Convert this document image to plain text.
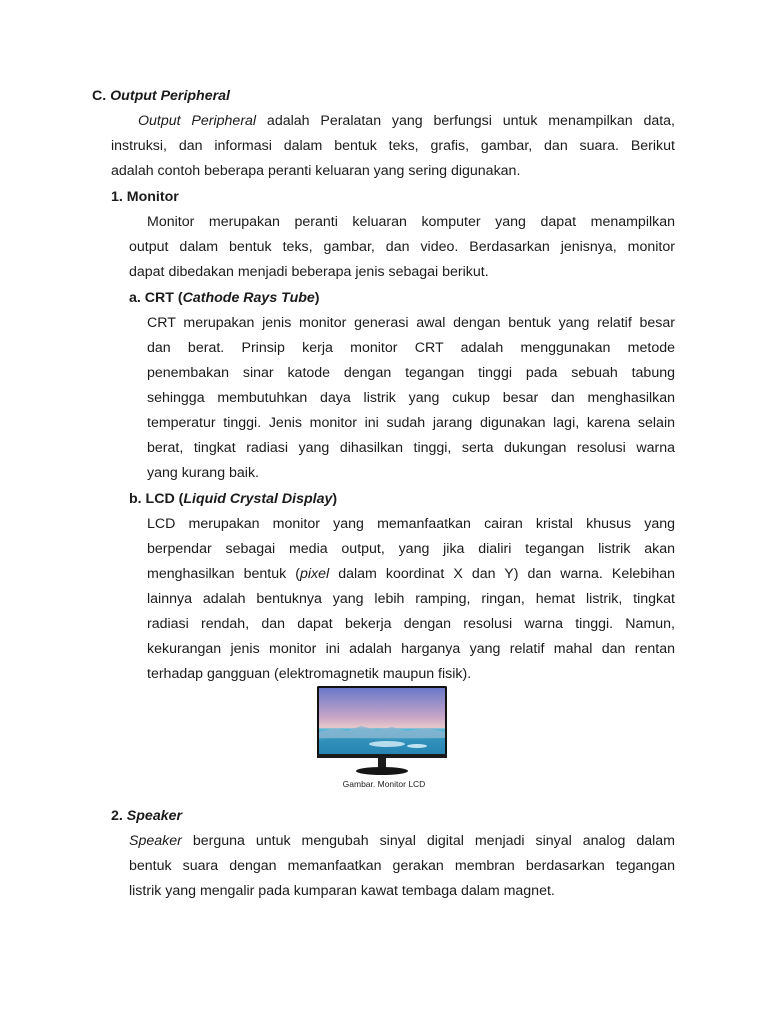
C. Output Peripheral
Output Peripheral adalah Peralatan yang berfungsi untuk menampilkan data,
instruksi, dan informasi dalam bentuk teks, grafis, gambar, dan suara. Berikut
adalah contoh beberapa peranti keluaran yang sering digunakan.
1. Monitor
Monitor merupakan peranti keluaran komputer yang dapat menampilkan
output dalam bentuk teks, gambar, dan video. Berdasarkan jenisnya, monitor
dapat dibedakan menjadi beberapa jenis sebagai berikut.
a. CRT (Cathode Rays Tube)
CRT merupakan jenis monitor generasi awal dengan bentuk yang relatif besar
dan berat. Prinsip kerja monitor CRT adalah menggunakan metode
penembakan sinar katode dengan tegangan tinggi pada sebuah tabung
sehingga membutuhkan daya listrik yang cukup besar dan menghasilkan
temperatur tinggi. Jenis monitor ini sudah jarang digunakan lagi, karena selain
berat, tingkat radiasi yang dihasilkan tinggi, serta dukungan resolusi warna
yang kurang baik.
b. LCD (Liquid Crystal Display)
LCD merupakan monitor yang memanfaatkan cairan kristal khusus yang
berpendar sebagai media output, yang jika dialiri tegangan listrik akan
menghasilkan bentuk (pixel dalam koordinat X dan Y) dan warna. Kelebihan
lainnya adalah bentuknya yang lebih ramping, ringan, hemat listrik, tingkat
radiasi rendah, dan dapat bekerja dengan resolusi warna tinggi. Namun,
kekurangan jenis monitor ini adalah harganya yang relatif mahal dan rentan
terhadap gangguan (elektromagnetik maupun fisik).
Gambar. Monitor LCD
2. Speaker
Speaker berguna untuk mengubah sinyal digital menjadi sinyal analog dalam
bentuk suara dengan memanfaatkan gerakan membran berdasarkan tegangan
listrik yang mengalir pada kumparan kawat tembaga dalam magnet.
